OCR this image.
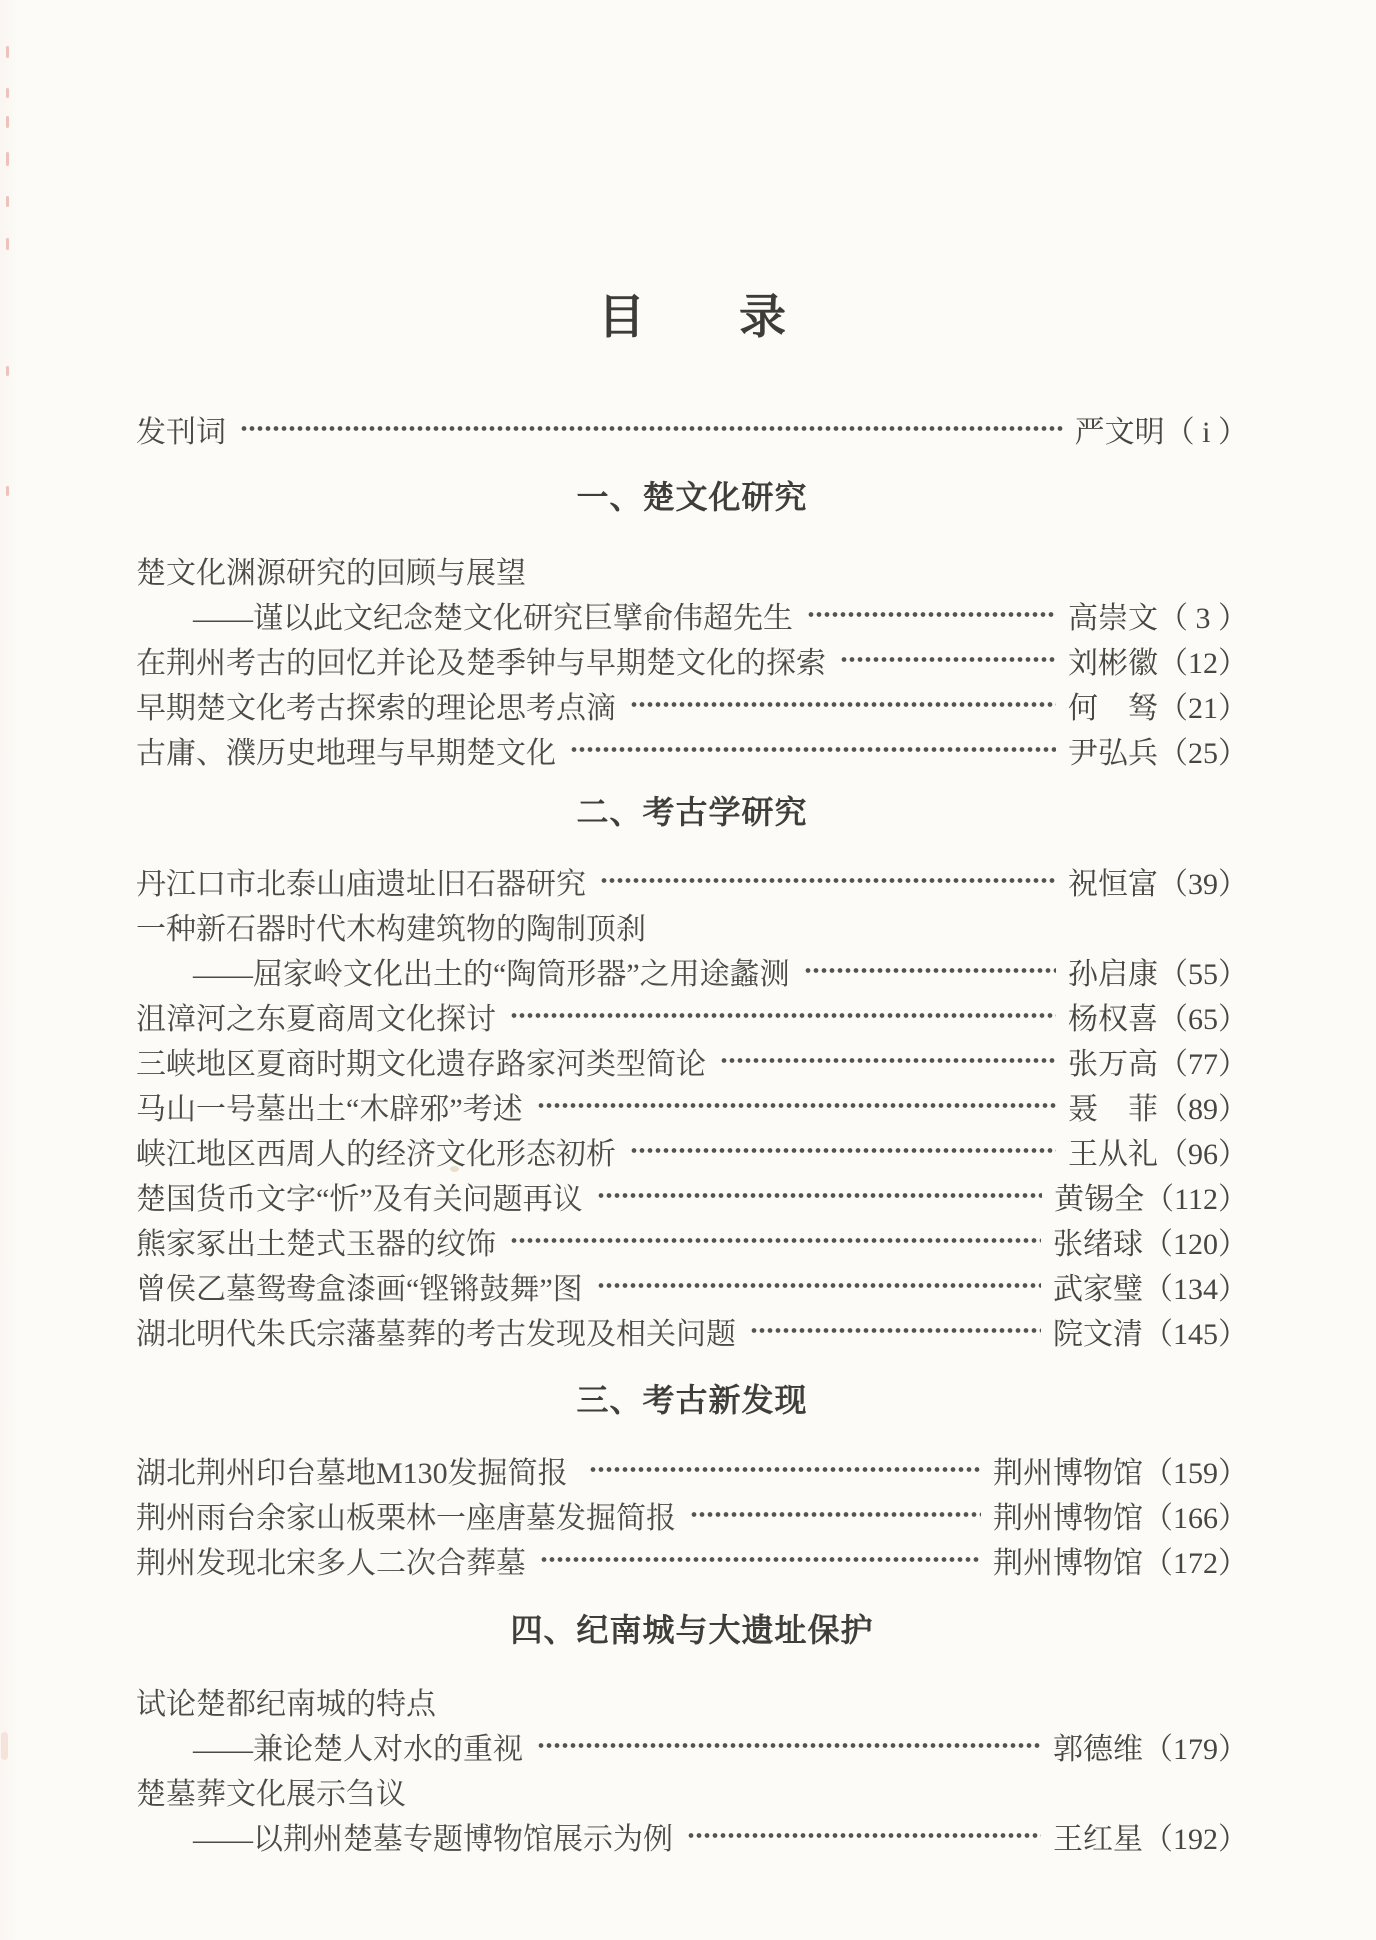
目　　录
发刊词	严文明（ i ）
一、楚文化研究
楚文化渊源研究的回顾与展望
——谨以此文纪念楚文化研究巨擘俞伟超先生	高崇文（ 3 ）
在荆州考古的回忆并论及楚季钟与早期楚文化的探索	刘彬徽（12）
早期楚文化考古探索的理论思考点滴	何　驽（21）
古庸、濮历史地理与早期楚文化	尹弘兵（25）
二、考古学研究
丹江口市北泰山庙遗址旧石器研究	祝恒富（39）
一种新石器时代木构建筑物的陶制顶刹
——屈家岭文化出土的“陶筒形器”之用途蠡测	孙启康（55）
沮漳河之东夏商周文化探讨	杨权喜（65）
三峡地区夏商时期文化遗存路家河类型简论	张万高（77）
马山一号墓出土“木辟邪”考述	聂　菲（89）
峡江地区西周人的经济文化形态初析	王从礼（96）
楚国货币文字“忻”及有关问题再议	黄锡全（112）
熊家冢出土楚式玉器的纹饰	张绪球（120）
曾侯乙墓鸳鸯盒漆画“铿锵鼓舞”图	武家璧（134）
湖北明代朱氏宗藩墓葬的考古发现及相关问题	院文清（145）
三、考古新发现
湖北荆州印台墓地M130发掘简报	荆州博物馆（159）
荆州雨台余家山板栗林一座唐墓发掘简报	荆州博物馆（166）
荆州发现北宋多人二次合葬墓	荆州博物馆（172）
四、纪南城与大遗址保护
试论楚都纪南城的特点
——兼论楚人对水的重视	郭德维（179）
楚墓葬文化展示刍议
——以荆州楚墓专题博物馆展示为例	王红星（192）
